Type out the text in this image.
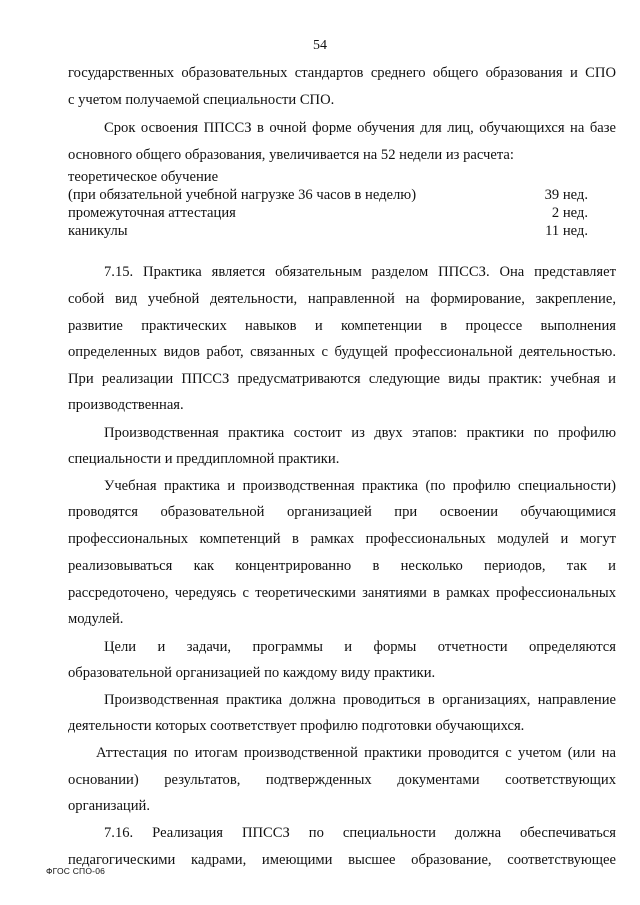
54
государственных образовательных стандартов среднего общего образования и СПО
с учетом получаемой специальности СПО.
Срок освоения ППССЗ в очной форме обучения для лиц, обучающихся на базе
основного общего образования, увеличивается на 52 недели из расчета:
теоретическое обучение
(при обязательной учебной нагрузке 36 часов в неделю)	39 нед.
промежуточная аттестация	2 нед.
каникулы	11 нед.
7.15. Практика является обязательным разделом ППССЗ. Она представляет
собой вид учебной деятельности, направленной на формирование, закрепление,
развитие практических навыков и компетенции в процессе выполнения
определенных видов работ, связанных с будущей профессиональной деятельностью.
При реализации ППССЗ предусматриваются следующие виды практик: учебная и
производственная.
Производственная практика состоит из двух этапов: практики по профилю
специальности и преддипломной практики.
Учебная практика и производственная практика (по профилю специальности)
проводятся образовательной организацией при освоении обучающимися
профессиональных компетенций в рамках профессиональных модулей и могут
реализовываться как концентрированно в несколько периодов, так и
рассредоточено, чередуясь с теоретическими занятиями в рамках профессиональных
модулей.
Цели и задачи, программы и формы отчетности определяются
образовательной организацией по каждому виду практики.
Производственная практика должна проводиться в организациях, направление
деятельности которых соответствует профилю подготовки обучающихся.
Аттестация по итогам производственной практики проводится с учетом (или на
основании) результатов, подтвержденных документами соответствующих
организаций.
7.16. Реализация ППССЗ по специальности должна обеспечиваться
педагогическими кадрами, имеющими высшее образование, соответствующее
ФГОС СПО-06
